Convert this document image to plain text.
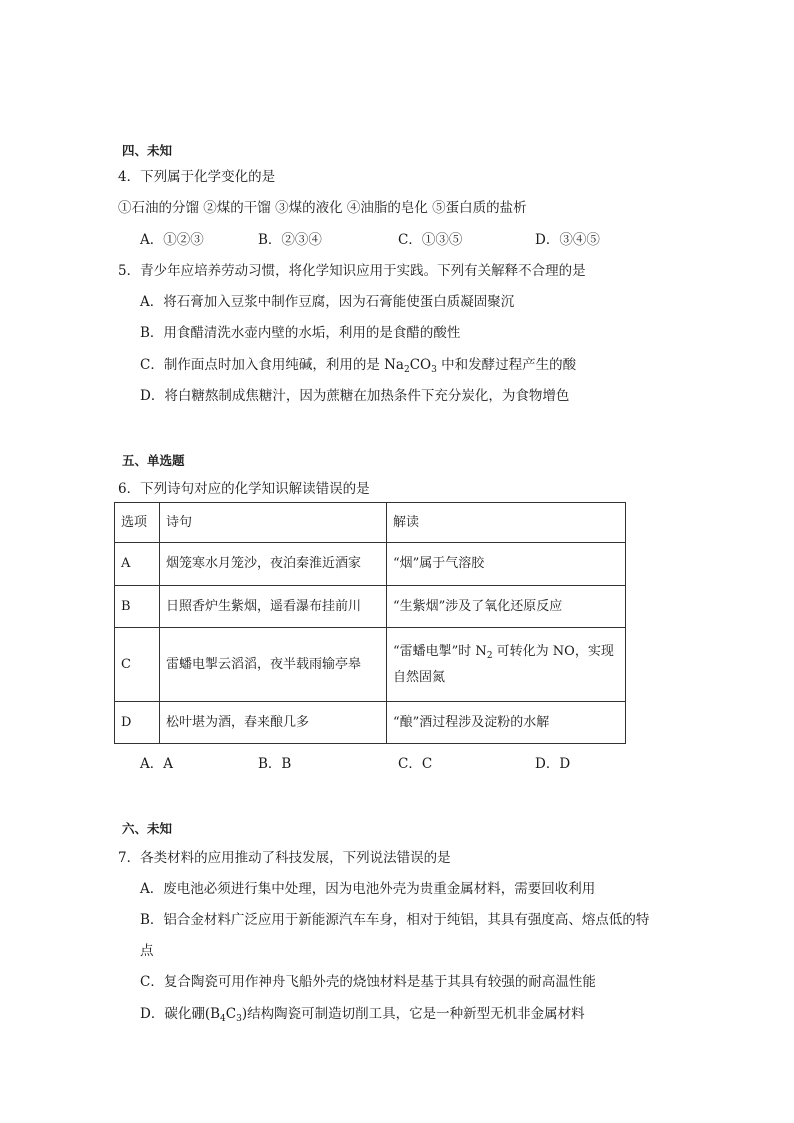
四、未知
4．下列属于化学变化的是
①石油的分馏 ②煤的干馏 ③煤的液化 ④油脂的皂化 ⑤蛋白质的盐析
A．①②③	B．②③④	C．①③⑤	D．③④⑤
5．青少年应培养劳动习惯，将化学知识应用于实践。下列有关解释不合理的是
A．将石膏加入豆浆中制作豆腐，因为石膏能使蛋白质凝固聚沉
B．用食醋清洗水壶内壁的水垢，利用的是食醋的酸性
C．制作面点时加入食用纯碱，利用的是 $Na_2CO_3$ 中和发酵过程产生的酸
D．将白糖熬制成焦糖汁，因为蔗糖在加热条件下充分炭化，为食物增色
五、单选题
6．下列诗句对应的化学知识解读错误的是
选项	诗句	解读
A	烟笼寒水月笼沙，夜泊秦淮近酒家	“烟”属于气溶胶
B	日照香炉生紫烟，遥看瀑布挂前川	“生紫烟”涉及了氧化还原反应
C	雷蟠电掣云滔滔，夜半载雨输亭皋	“雷蟠电掣”时 $N_2$ 可转化为 NO，实现
自然固氮

D	松叶堪为酒，春来酿几多	“酿”酒过程涉及淀粉的水解
A．A	B．B	C．C	D．D
六、未知
7．各类材料的应用推动了科技发展，下列说法错误的是
A．废电池必须进行集中处理，因为电池外壳为贵重金属材料，需要回收利用
B．铝合金材料广泛应用于新能源汽车车身，相对于纯铝，其具有强度高、熔点低的特
点
C．复合陶瓷可用作神舟飞船外壳的烧蚀材料是基于其具有较强的耐高温性能
D．碳化硼$(B_4C_3)$结构陶瓷可制造切削工具，它是一种新型无机非金属材料
